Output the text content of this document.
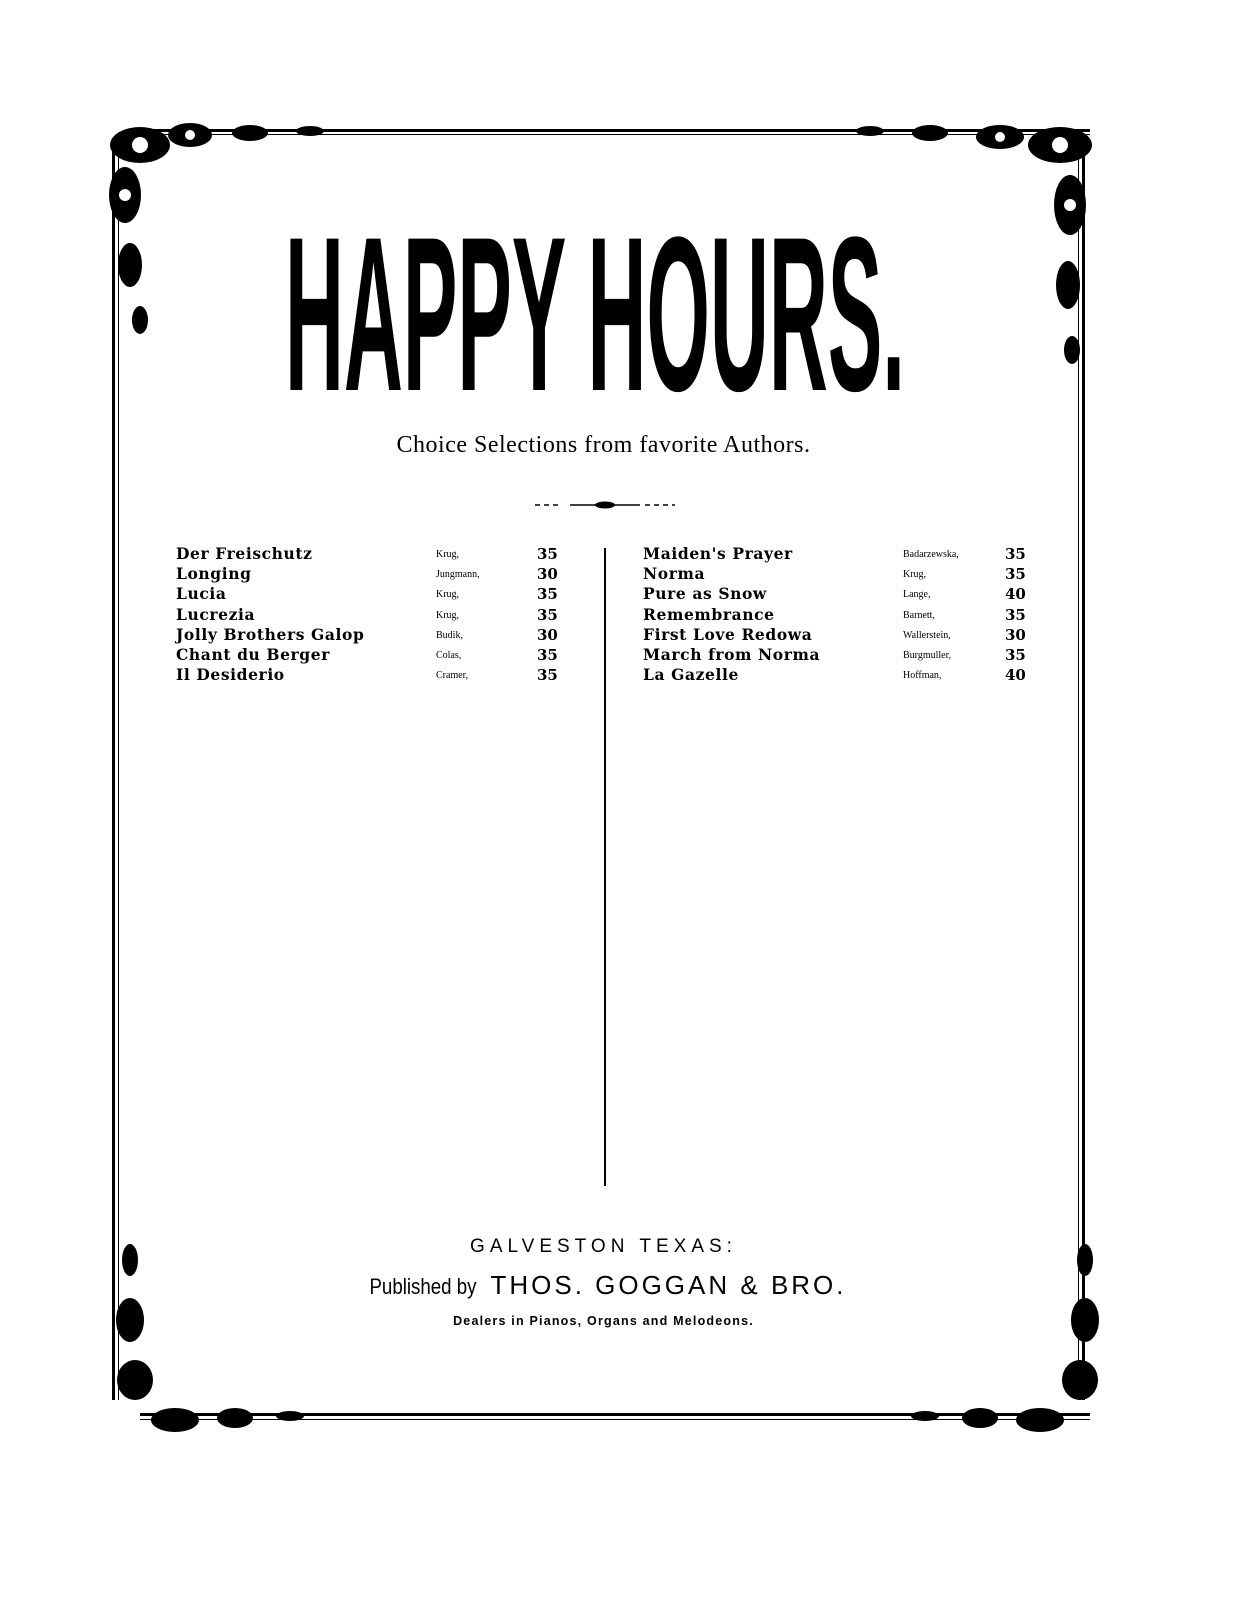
HAPPY HOURS.
Choice Selections from favorite Authors.
Der Freischutz	Krug,	35
Longing	Jungmann,	30
Lucia	Krug,	35
Lucrezia	Krug,	35
Jolly Brothers Galop	Budik,	30
Chant du Berger	Colas,	35
Il Desiderio	Cramer,	35
Maiden's Prayer	Badarzewska,	35
Norma	Krug,	35
Pure as Snow	Lange,	40
Remembrance	Barnett,	35
First Love Redowa	Wallerstein,	30
March from Norma	Burgmuller,	35
La Gazelle	Hoffman,	40
GALVESTON TEXAS:
Published by THOS. GOGGAN & BRO.
Dealers in Pianos, Organs and Melodeons.
